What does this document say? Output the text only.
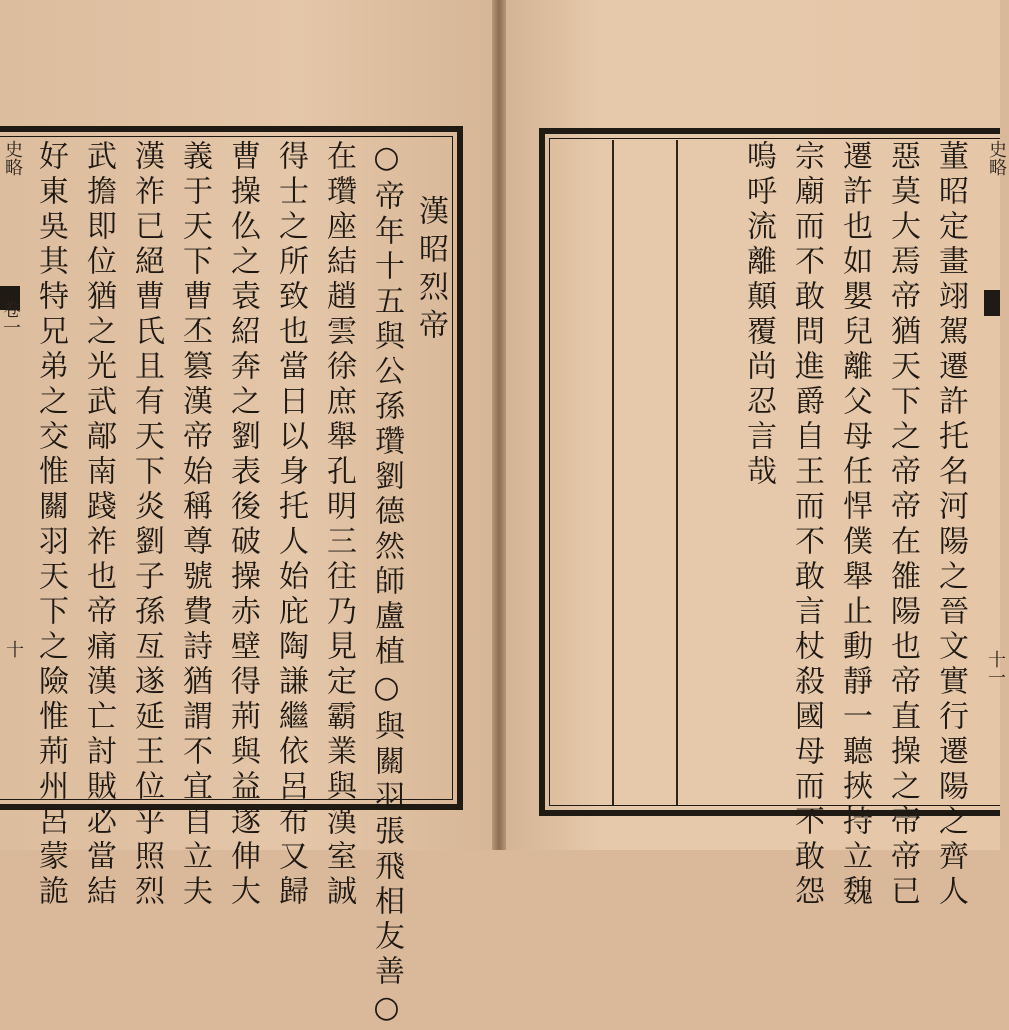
史略
卷一
十
漢昭烈帝
○帝年十五與公孫瓚劉德然師盧植○與關羽張飛相友善○
在瓚座結趙雲徐庶舉孔明三往乃見定霸業與漢室誠
得士之所致也當日以身托人始庇陶謙繼依呂布又歸
曹操仫之袁紹奔之劉表後破操赤壁得荊與益遂伸大
義于天下曹丕篡漢帝始稱尊號費詩猶謂不宜自立夫
漢祚已絕曹氏且有天下炎劉子孫亙遂延王位乎照烈
武擔即位猶之光武鄗南踐祚也帝痛漢亡討賊必當結
好東吳其特兄弟之交惟關羽天下之險惟荊州呂蒙詭	董昭定畫翊駕遷許托名河陽之晉文實行遷陽之齊人
惡莫大焉帝猶天下之帝帝在雒陽也帝直操之帝帝已
遷許也如嬰兒離父母任悍僕舉止動靜一聽挾持立魏
宗廟而不敢問進爵自王而不敢言杖殺國母而不敢怨
嗚呼流離顛覆尚忍言哉	史略
十一
